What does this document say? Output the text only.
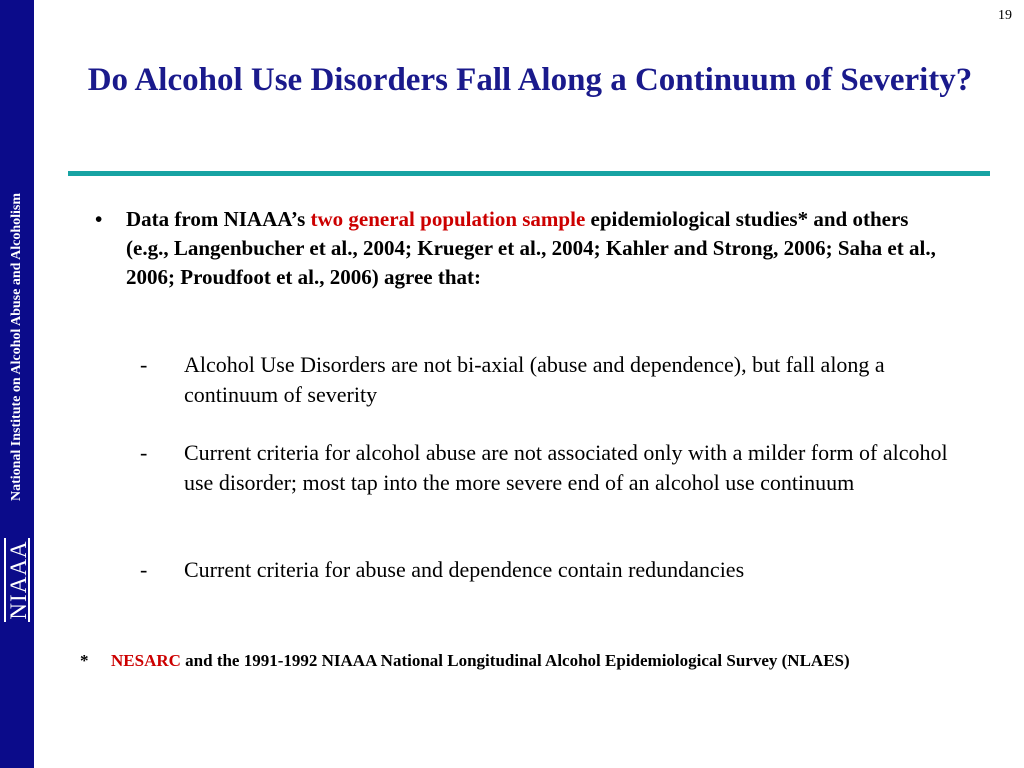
National Institute on Alcohol Abuse and Alcoholism
NIAAA
19
Do Alcohol Use Disorders Fall Along a Continuum of Severity?
• Data from NIAAA’s two general population sample epidemiological studies* and others (e.g., Langenbucher et al., 2004; Krueger et al., 2004; Kahler and Strong, 2006; Saha et al., 2006; Proudfoot et al., 2006) agree that:
- Alcohol Use Disorders are not bi-axial (abuse and dependence), but fall along a continuum of severity
- Current criteria for alcohol abuse are not associated only with a milder form of alcohol use disorder; most tap into the more severe end of an alcohol use continuum
- Current criteria for abuse and dependence contain redundancies
* NESARC and the 1991-1992 NIAAA National Longitudinal Alcohol Epidemiological Survey (NLAES)
